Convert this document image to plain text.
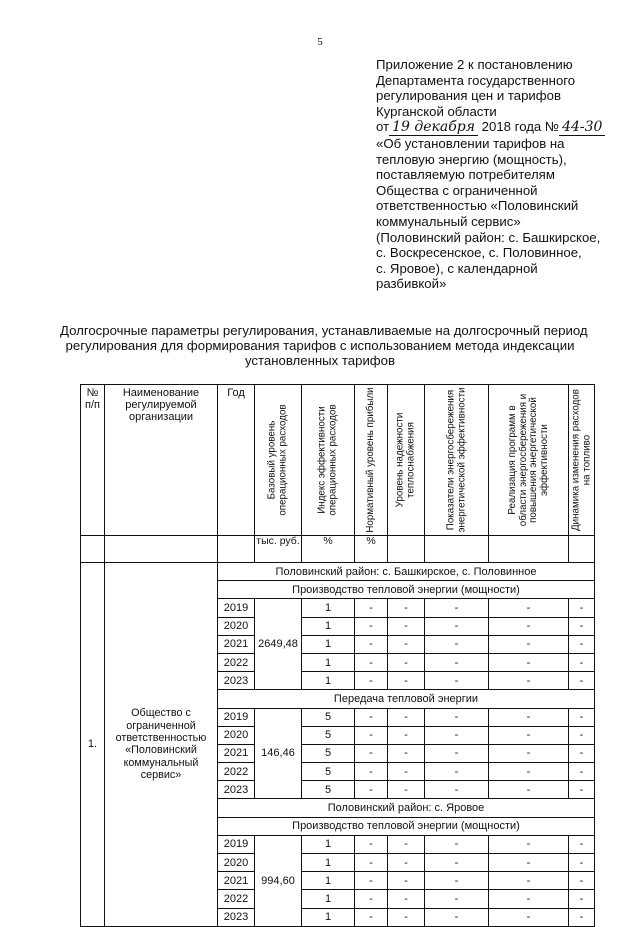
5
Приложение 2 к постановлению
Департамента государственного
регулирования цен и тарифов
Курганской области
от 19 декабря 2018 года № 44-30
«Об установлении тарифов на
тепловую энергию (мощность),
поставляемую потребителям
Общества с ограниченной
ответственностью «Половинский
коммунальный сервис»
(Половинский район: с. Башкирское,
с. Воскресенское, с. Половинное,
с. Яровое), с календарной
разбивкой»
Долгосрочные параметры регулирования, устанавливаемые на долгосрочный период
регулирования для формирования тарифов с использованием метода индексации
установленных тарифов
№ п/п	Наименование регулируемой организации	Год	Базовый уровень операционных расходов	Индекс эффективности операционных расходов	Нормативный уровень прибыли	Уровень надежности теплоснабжения	Показатели энергосбережения энергетической эффективности	Реализация программ в области энергосбережения и повышения энергетической эффективности	Динамика изменения расходов на топливо

			тыс. руб.	%	%				
1.	Общество с ограниченной ответственностью «Половинский коммунальный сервис»	Половинский район: с. Башкирское, с. Половинное							
		Производство тепловой энергии (мощности)							
		2019	2649,48	1	-	-	-	-	-
		2020		1	-	-	-	-	-
		2021		1	-	-	-	-	-
		2022		1	-	-	-	-	-
		2023		1	-	-	-	-	-
		Передача тепловой энергии							
		2019	146,46	5	-	-	-	-	-
		2020		5	-	-	-	-	-
		2021		5	-	-	-	-	-
		2022		5	-	-	-	-	-
		2023		5	-	-	-	-	-
		Половинский район: с. Яровое							
		Производство тепловой энергии (мощности)							
		2019	994,60	1	-	-	-	-	-
		2020		1	-	-	-	-	-
		2021		1	-	-	-	-	-
		2022		1	-	-	-	-	-
		2023		1	-	-	-	-	-
